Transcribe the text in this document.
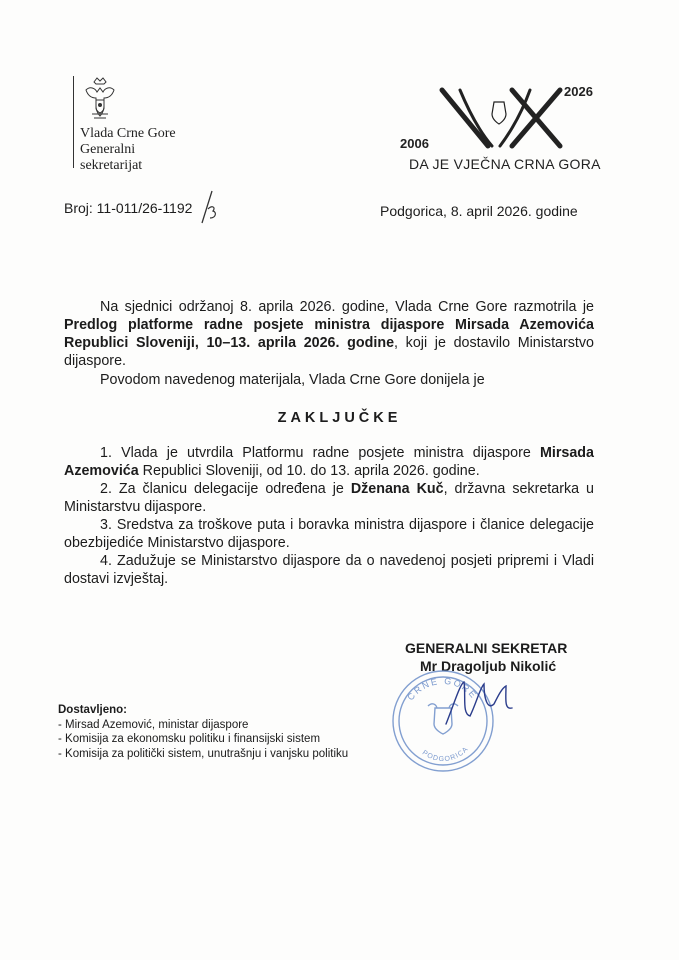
Vlada Crne Gore
Generalni
sekretarijat
2026
2006
DA JE VJEČNA CRNA GORA
Broj: 11-011/26-1192	Podgorica, 8. april 2026. godine

Na sjednici održanoj 8. aprila 2026. godine, Vlada Crne Gore razmotrila je Predlog platforme radne posjete ministra dijaspore Mirsada Azemovića Republici Sloveniji, 10–13. aprila 2026. godine, koji je dostavilo Ministarstvo dijaspore.

Povodom navedenog materijala, Vlada Crne Gore donijela je

ZAKLJUČKE

1. Vlada je utvrdila Platformu radne posjete ministra dijaspore Mirsada Azemovića Republici Sloveniji, od 10. do 13. aprila 2026. godine.

2. Za članicu delegacije određena je Dženana Kuč, državna sekretarka u Ministarstvu dijaspore.

3. Sredstva za troškove puta i boravka ministra dijaspore i članice delegacije obezbijediće Ministarstvo dijaspore.

4. Zadužuje se Ministarstvo dijaspore da o navedenoj posjeti pripremi i Vladi dostavi izvještaj.

GENERALNI SEKRETAR
Mr Dragoljub Nikolić
CRNE GORE
PODGORICA
Dostavljeno:
- Mirsad Azemović, ministar dijaspore
- Komisija za ekonomsku politiku i finansijski sistem
- Komisija za politički sistem, unutrašnju i vanjsku politiku
